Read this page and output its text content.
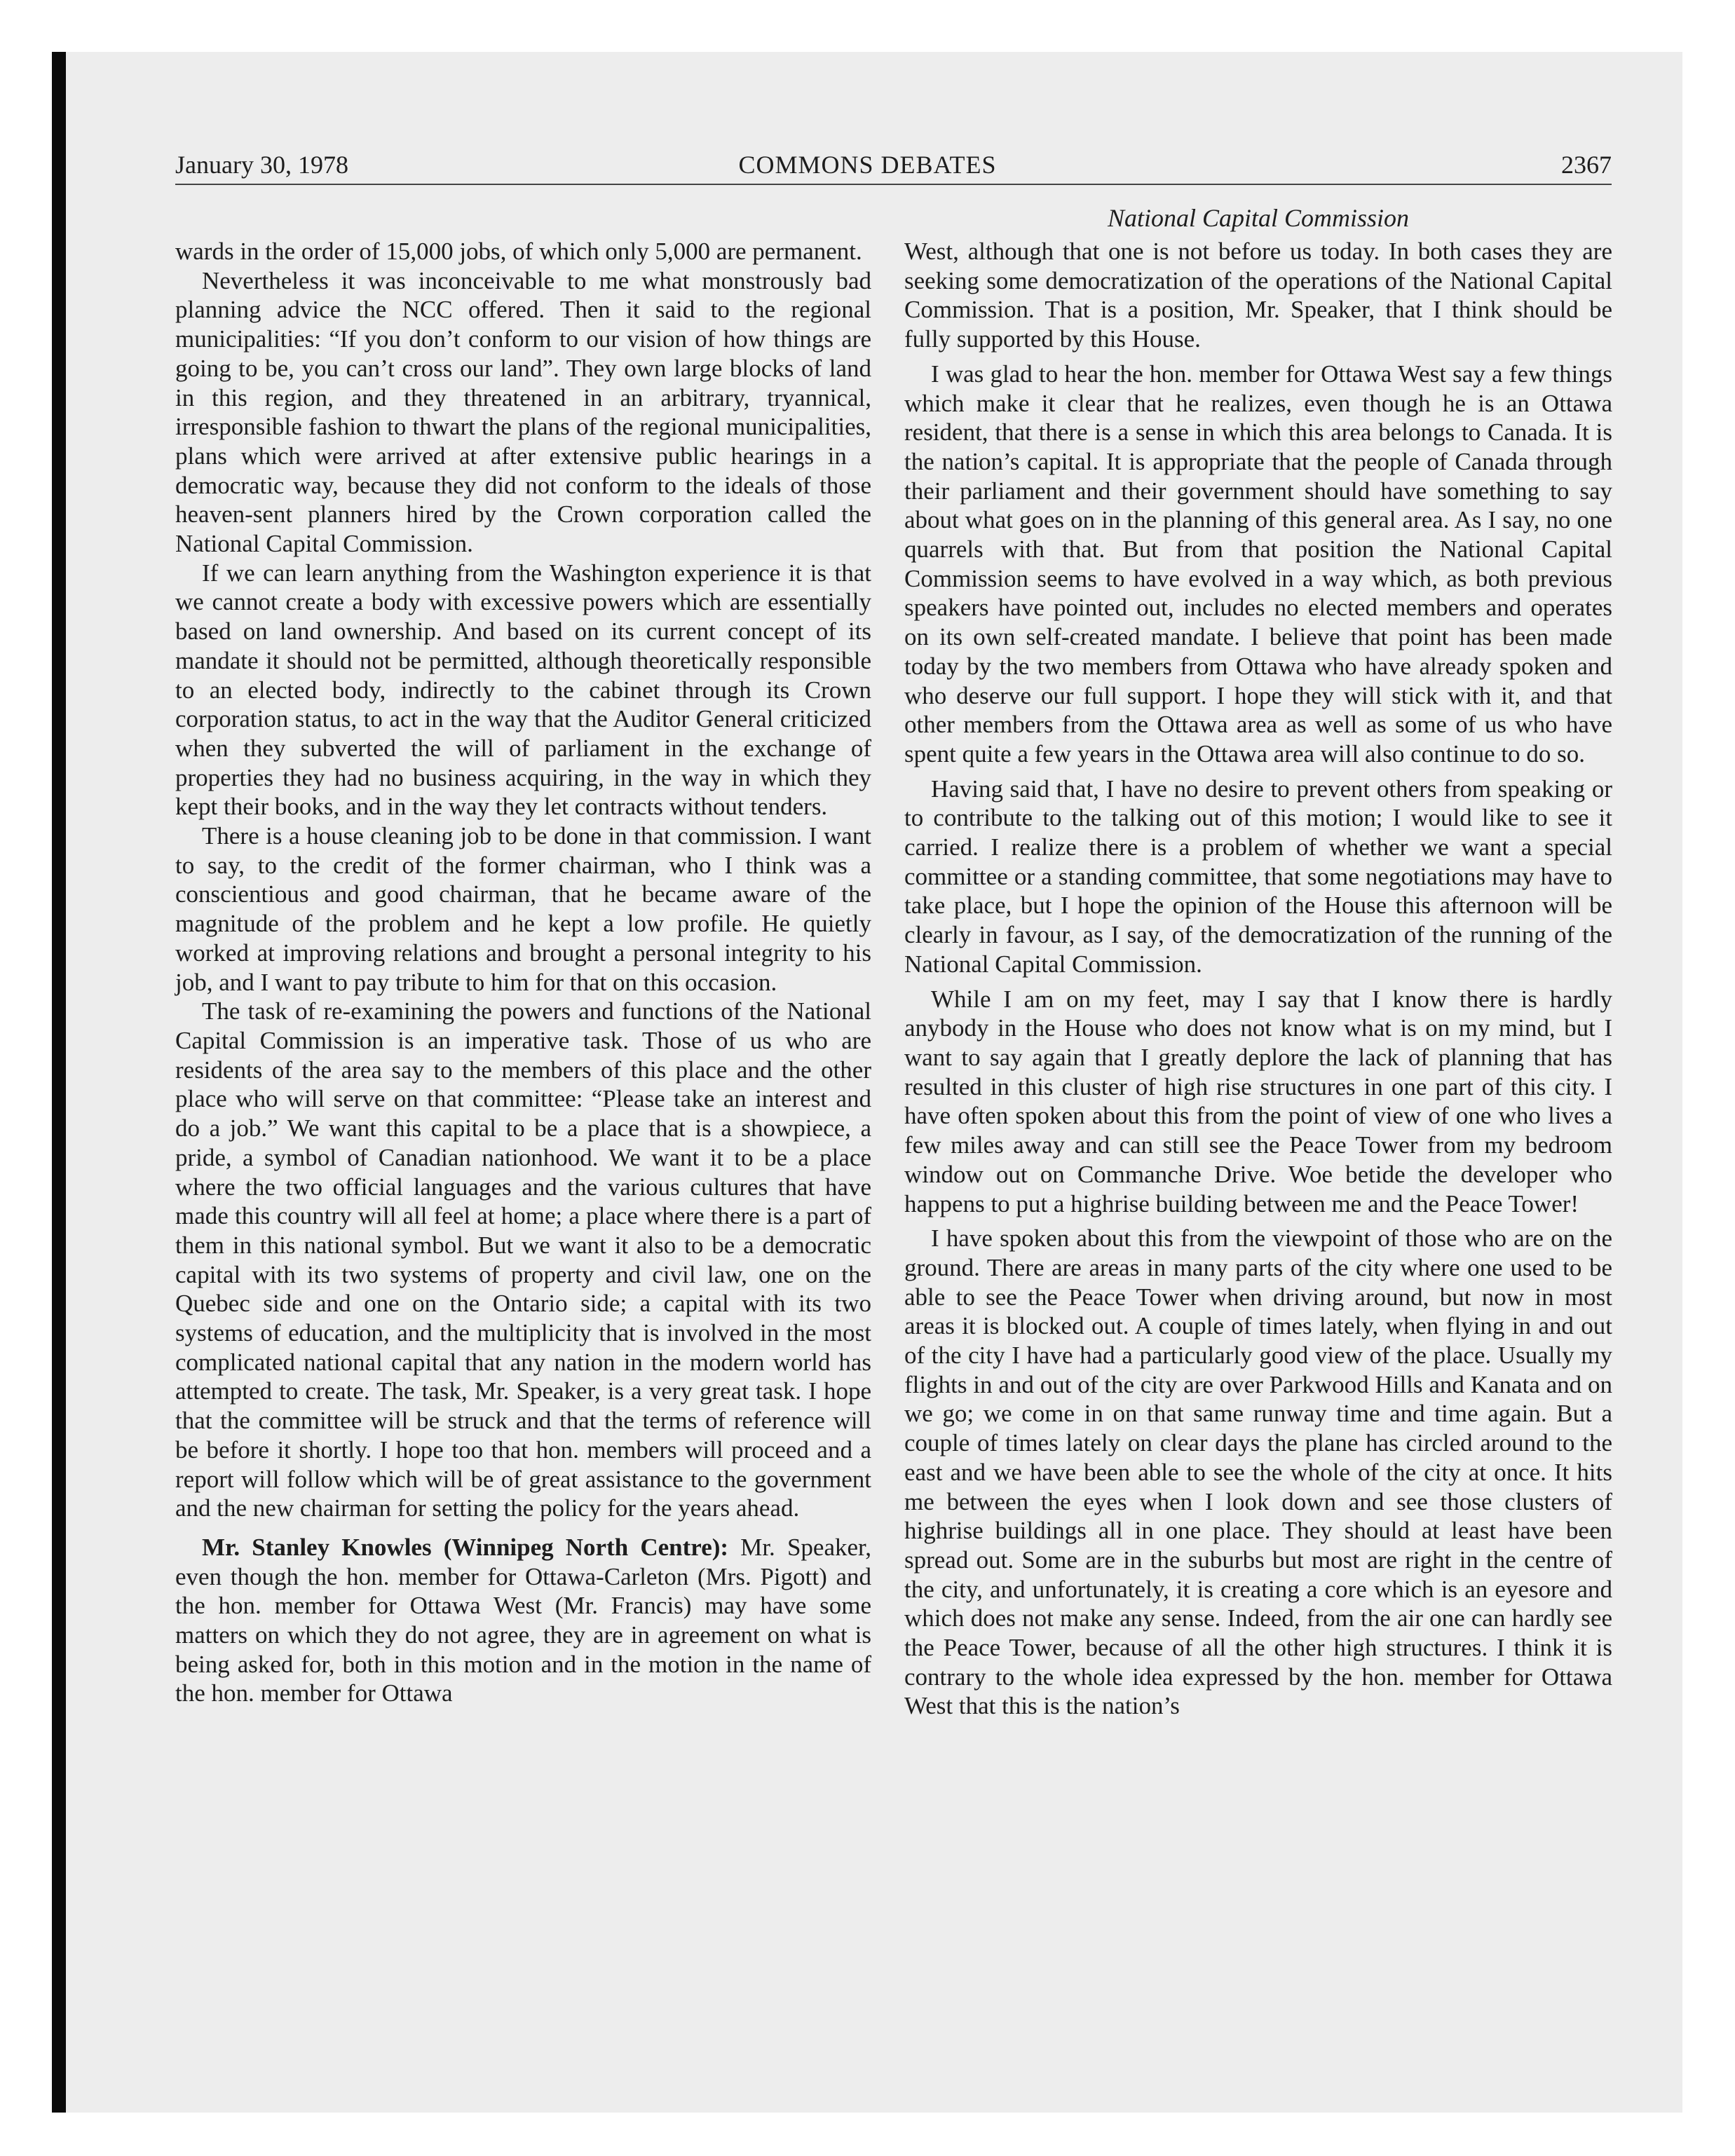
January 30, 1978	COMMONS DEBATES	2367
National Capital Commission

wards in the order of 15,000 jobs, of which only 5,000 are permanent.

Nevertheless it was inconceivable to me what monstrously bad planning advice the NCC offered. Then it said to the regional municipalities: “If you don’t conform to our vision of how things are going to be, you can’t cross our land”. They own large blocks of land in this region, and they threatened in an arbitrary, tryannical, irresponsible fashion to thwart the plans of the regional municipalities, plans which were arrived at after extensive public hearings in a democratic way, because they did not conform to the ideals of those heaven-sent planners hired by the Crown corporation called the National Capital Commission.

If we can learn anything from the Washington experience it is that we cannot create a body with excessive powers which are essentially based on land ownership. And based on its current concept of its mandate it should not be permitted, although theoretically responsible to an elected body, indirectly to the cabinet through its Crown corporation status, to act in the way that the Auditor General criticized when they subverted the will of parliament in the exchange of properties they had no business acquiring, in the way in which they kept their books, and in the way they let contracts without tenders.

There is a house cleaning job to be done in that commission. I want to say, to the credit of the former chairman, who I think was a conscientious and good chairman, that he became aware of the magnitude of the problem and he kept a low profile. He quietly worked at improving relations and brought a personal integrity to his job, and I want to pay tribute to him for that on this occasion.

The task of re-examining the powers and functions of the National Capital Commission is an imperative task. Those of us who are residents of the area say to the members of this place and the other place who will serve on that committee: “Please take an interest and do a job.” We want this capital to be a place that is a showpiece, a pride, a symbol of Canadian nationhood. We want it to be a place where the two official languages and the various cultures that have made this country will all feel at home; a place where there is a part of them in this national symbol. But we want it also to be a democratic capital with its two systems of property and civil law, one on the Quebec side and one on the Ontario side; a capital with its two systems of education, and the multiplicity that is involved in the most complicated national capital that any nation in the modern world has attempted to create. The task, Mr. Speaker, is a very great task. I hope that the committee will be struck and that the terms of reference will be before it shortly. I hope too that hon. members will proceed and a report will follow which will be of great assistance to the government and the new chairman for setting the policy for the years ahead.

Mr. Stanley Knowles (Winnipeg North Centre): Mr. Speaker, even though the hon. member for Ottawa-Carleton (Mrs. Pigott) and the hon. member for Ottawa West (Mr. Francis) may have some matters on which they do not agree, they are in agreement on what is being asked for, both in this motion and in the motion in the name of the hon. member for Ottawa

West, although that one is not before us today. In both cases they are seeking some democratization of the operations of the National Capital Commission. That is a position, Mr. Speaker, that I think should be fully supported by this House.

I was glad to hear the hon. member for Ottawa West say a few things which make it clear that he realizes, even though he is an Ottawa resident, that there is a sense in which this area belongs to Canada. It is the nation’s capital. It is appropriate that the people of Canada through their parliament and their government should have something to say about what goes on in the planning of this general area. As I say, no one quarrels with that. But from that position the National Capital Commission seems to have evolved in a way which, as both previous speakers have pointed out, includes no elected members and operates on its own self-created mandate. I believe that point has been made today by the two members from Ottawa who have already spoken and who deserve our full support. I hope they will stick with it, and that other members from the Ottawa area as well as some of us who have spent quite a few years in the Ottawa area will also continue to do so.

Having said that, I have no desire to prevent others from speaking or to contribute to the talking out of this motion; I would like to see it carried. I realize there is a problem of whether we want a special committee or a standing committee, that some negotiations may have to take place, but I hope the opinion of the House this afternoon will be clearly in favour, as I say, of the democratization of the running of the National Capital Commission.

While I am on my feet, may I say that I know there is hardly anybody in the House who does not know what is on my mind, but I want to say again that I greatly deplore the lack of planning that has resulted in this cluster of high rise structures in one part of this city. I have often spoken about this from the point of view of one who lives a few miles away and can still see the Peace Tower from my bedroom window out on Commanche Drive. Woe betide the developer who happens to put a highrise building between me and the Peace Tower!

I have spoken about this from the viewpoint of those who are on the ground. There are areas in many parts of the city where one used to be able to see the Peace Tower when driving around, but now in most areas it is blocked out. A couple of times lately, when flying in and out of the city I have had a particularly good view of the place. Usually my flights in and out of the city are over Parkwood Hills and Kanata and on we go; we come in on that same runway time and time again. But a couple of times lately on clear days the plane has circled around to the east and we have been able to see the whole of the city at once. It hits me between the eyes when I look down and see those clusters of highrise buildings all in one place. They should at least have been spread out. Some are in the suburbs but most are right in the centre of the city, and unfortunately, it is creating a core which is an eyesore and which does not make any sense. Indeed, from the air one can hardly see the Peace Tower, because of all the other high structures. I think it is contrary to the whole idea expressed by the hon. member for Ottawa West that this is the nation’s
